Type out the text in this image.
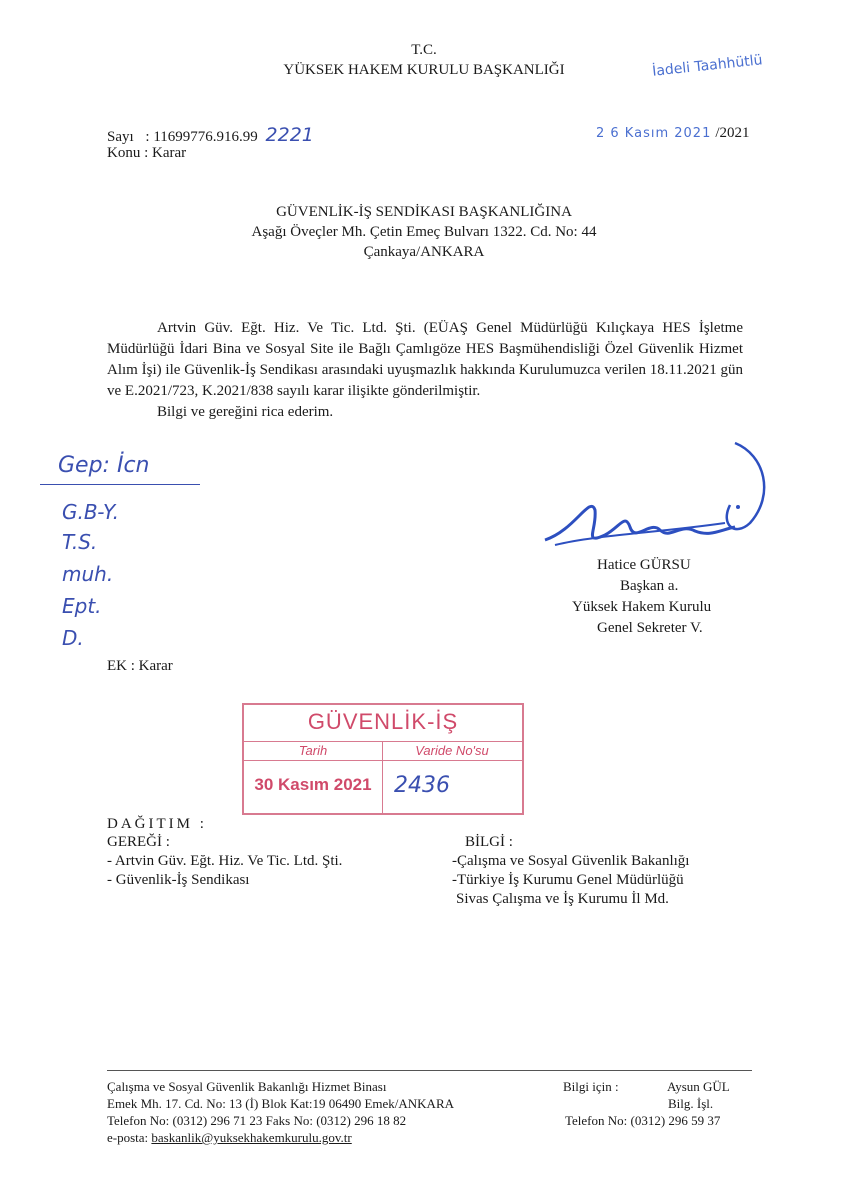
T.C.
YÜKSEK HAKEM KURULU BAŞKANLIĞI	İadeli Taahhütlü
Sayı : 11699776.916.99 2221
Konu : Karar
2 6 Kasım 2021 /2021
GÜVENLİK-İŞ SENDİKASI BAŞKANLIĞINA
Aşağı Öveçler Mh. Çetin Emeç Bulvarı 1322. Cd. No: 44
Çankaya/ANKARA

Artvin Güv. Eğt. Hiz. Ve Tic. Ltd. Şti. (EÜAŞ Genel Müdürlüğü Kılıçkaya HES İşletme Müdürlüğü İdari Bina ve Sosyal Site ile Bağlı Çamlıgöze HES Başmühendisliği Özel Güvenlik Hizmet Alım İşi) ile Güvenlik-İş Sendikası arasındaki uyuşmazlık hakkında Kurulumuzca verilen 18.11.2021 gün ve E.2021/723, K.2021/838 sayılı karar ilişikte gönderilmiştir.

Bilgi ve gereğini rica ederim.

Gep: İcn
G.B-Y.
T.S.
muh.
Ept.
D.
Hatice GÜRSU
Başkan a.
Yüksek Hakem Kurulu
Genel Sekreter V.
EK : Karar
GÜVENLİK-İŞ
Tarih	Varide No'su
30 Kasım 2021	2436
DAĞITIM :
GEREĞİ :
- Artvin Güv. Eğt. Hiz. Ve Tic. Ltd. Şti.
- Güvenlik-İş Sendikası
BİLGİ :
-Çalışma ve Sosyal Güvenlik Bakanlığı
-Türkiye İş Kurumu Genel Müdürlüğü
Sivas Çalışma ve İş Kurumu İl Md.
Çalışma ve Sosyal Güvenlik Bakanlığı Hizmet Binası
Emek Mh. 17. Cd. No: 13 (İ) Blok Kat:19 06490 Emek/ANKARA
Telefon No: (0312) 296 71 23 Faks No: (0312) 296 18 82
e-posta: baskanlik@yuksekhakemkurulu.gov.tr
Bilgi için :	Aysun GÜL
Bilg. İşl.
Telefon No: (0312) 296 59 37
